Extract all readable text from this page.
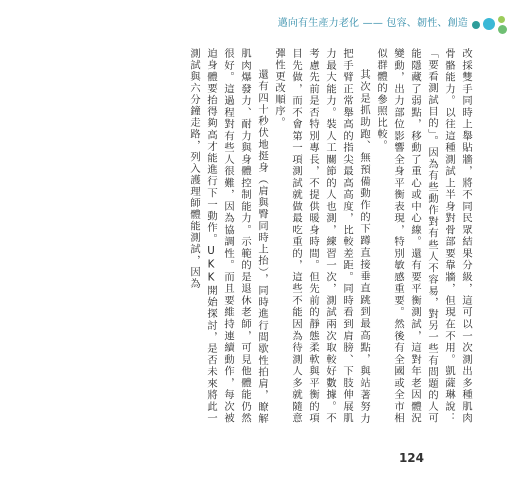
邁向有生產力老化 —— 包容、韌性、創造

改採雙手同時上舉貼牆，將不同民眾結果分級，這可以一次測出多種肌肉骨骼能力。以往這種測試上半身對骨部要靠牆，但現在不用。凱薩琳說：「要看測試目的」。因為有些動作對有些人不容易，對另一些有問題的人可能隱藏了弱點，移動了重心或中心線。還有要平衡測試，這對年老因體況變動，出力部位影響全身平衡表現，特別敏感重要。然後有全國或全市相似群體的參照比較。

其次是抓助跑、無預備動作的下蹲直接垂直跳到最高點，與站著努力把手臂正常舉高的指尖最高高度，比較差距。同時看到肩膀、下肢伸展肌力最大能力。裝人工關節的人也測，練習一次，測試兩次取較好數據。不考慮先前是否特別專長，不提供暖身時間。但先前的靜態柔軟與平衡的項目先做，而不會第一項測試就做最吃重的，這些不能因為待測人多就隨意彈性更改順序。

還有四十秒伏地挺身（肩與臀同時上抬），同時進行間歇性拍肩，瞭解肌肉爆發力、耐力與身體控制能力。示範的是退休老師，可見他體能仍然很好。這過程對有些人很難，因為協調性。而且要維持連續動作，每次被迫身體要抬得夠高才能進行下一動作。UKK開始探討，是否未來將此一測試與六分鐘走路，列入護理師體能測試，因為

124
